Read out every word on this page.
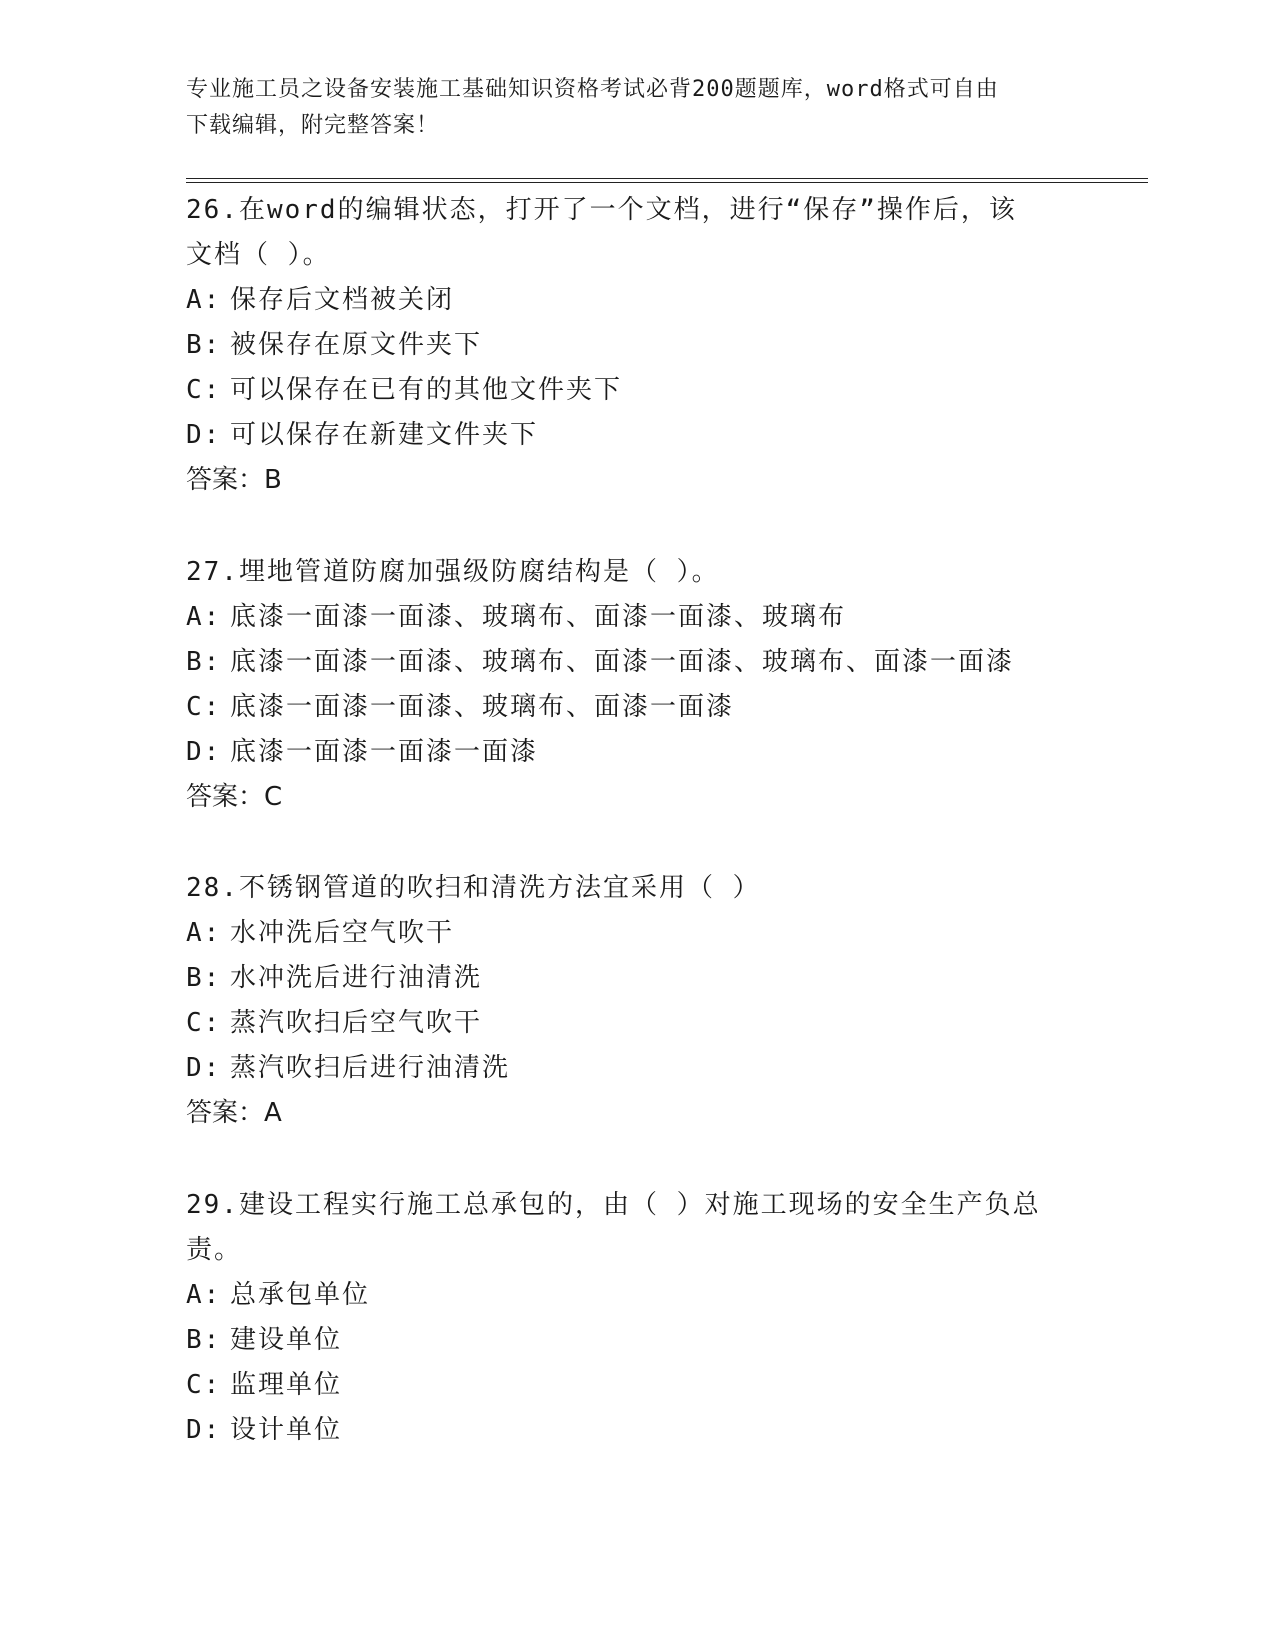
专业施工员之设备安装施工基础知识资格考试必背200题题库，word格式可自由
下载编辑，附完整答案！

26.在word的编辑状态，打开了一个文档，进行“保存”操作后，该

文档（ ）。

A: 保存后文档被关闭

B: 被保存在原文件夹下

C: 可以保存在已有的其他文件夹下

D: 可以保存在新建文件夹下

答案：B

27.埋地管道防腐加强级防腐结构是（ ）。

A: 底漆一面漆一面漆、玻璃布、面漆一面漆、玻璃布

B: 底漆一面漆一面漆、玻璃布、面漆一面漆、玻璃布、面漆一面漆

C: 底漆一面漆一面漆、玻璃布、面漆一面漆

D: 底漆一面漆一面漆一面漆

答案：C

28.不锈钢管道的吹扫和清洗方法宜采用（ ）

A: 水冲洗后空气吹干

B: 水冲洗后进行油清洗

C: 蒸汽吹扫后空气吹干

D: 蒸汽吹扫后进行油清洗

答案：A

29.建设工程实行施工总承包的，由（ ）对施工现场的安全生产负总

责。

A: 总承包单位

B: 建设单位

C: 监理单位

D: 设计单位
